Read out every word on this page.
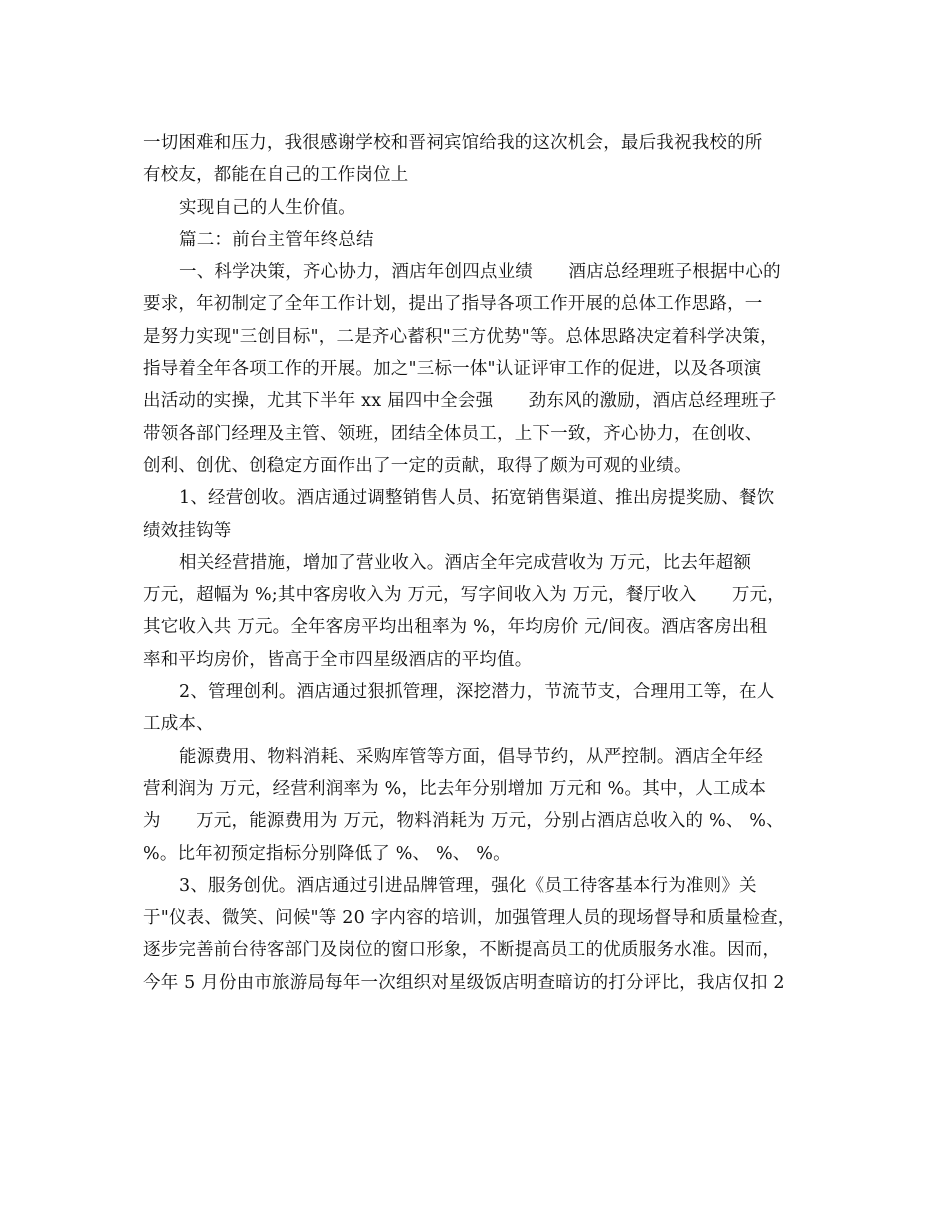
一切困难和压力，我很感谢学校和晋祠宾馆给我的这次机会，最后我祝我校的所
有校友，都能在自己的工作岗位上
实现自己的人生价值。
篇二：前台主管年终总结
一、科学决策，齐心协力，酒店年创四点业绩　　酒店总经理班子根据中心的
要求，年初制定了全年工作计划，提出了指导各项工作开展的总体工作思路，一
是努力实现"三创目标"，二是齐心蓄积"三方优势"等。总体思路决定着科学决策，
指导着全年各项工作的开展。加之"三标一体"认证评审工作的促进，以及各项演
出活动的实操，尤其下半年 xx 届四中全会强　　劲东风的激励，酒店总经理班子
带领各部门经理及主管、领班，团结全体员工，上下一致，齐心协力，在创收、
创利、创优、创稳定方面作出了一定的贡献，取得了颇为可观的业绩。
1、经营创收。酒店通过调整销售人员、拓宽销售渠道、推出房提奖励、餐饮
绩效挂钩等
相关经营措施，增加了营业收入。酒店全年完成营收为 万元，比去年超额
万元，超幅为 %;其中客房收入为 万元，写字间收入为 万元，餐厅收入　　万元，
其它收入共 万元。全年客房平均出租率为 %，年均房价 元/间夜。酒店客房出租
率和平均房价，皆高于全市四星级酒店的平均值。
2、管理创利。酒店通过狠抓管理，深挖潜力，节流节支，合理用工等，在人
工成本、
能源费用、物料消耗、采购库管等方面，倡导节约，从严控制。酒店全年经
营利润为 万元，经营利润率为 %，比去年分别增加 万元和 %。其中，人工成本
为　　万元，能源费用为 万元，物料消耗为 万元，分别占酒店总收入的 %、 %、
%。比年初预定指标分别降低了 %、 %、 %。
3、服务创优。酒店通过引进品牌管理，强化《员工待客基本行为准则》关
于"仪表、微笑、问候"等 20 字内容的培训，加强管理人员的现场督导和质量检查，
逐步完善前台待客部门及岗位的窗口形象，不断提高员工的优质服务水准。因而，
今年 5 月份由市旅游局每年一次组织对星级饭店明查暗访的打分评比，我店仅扣 2
